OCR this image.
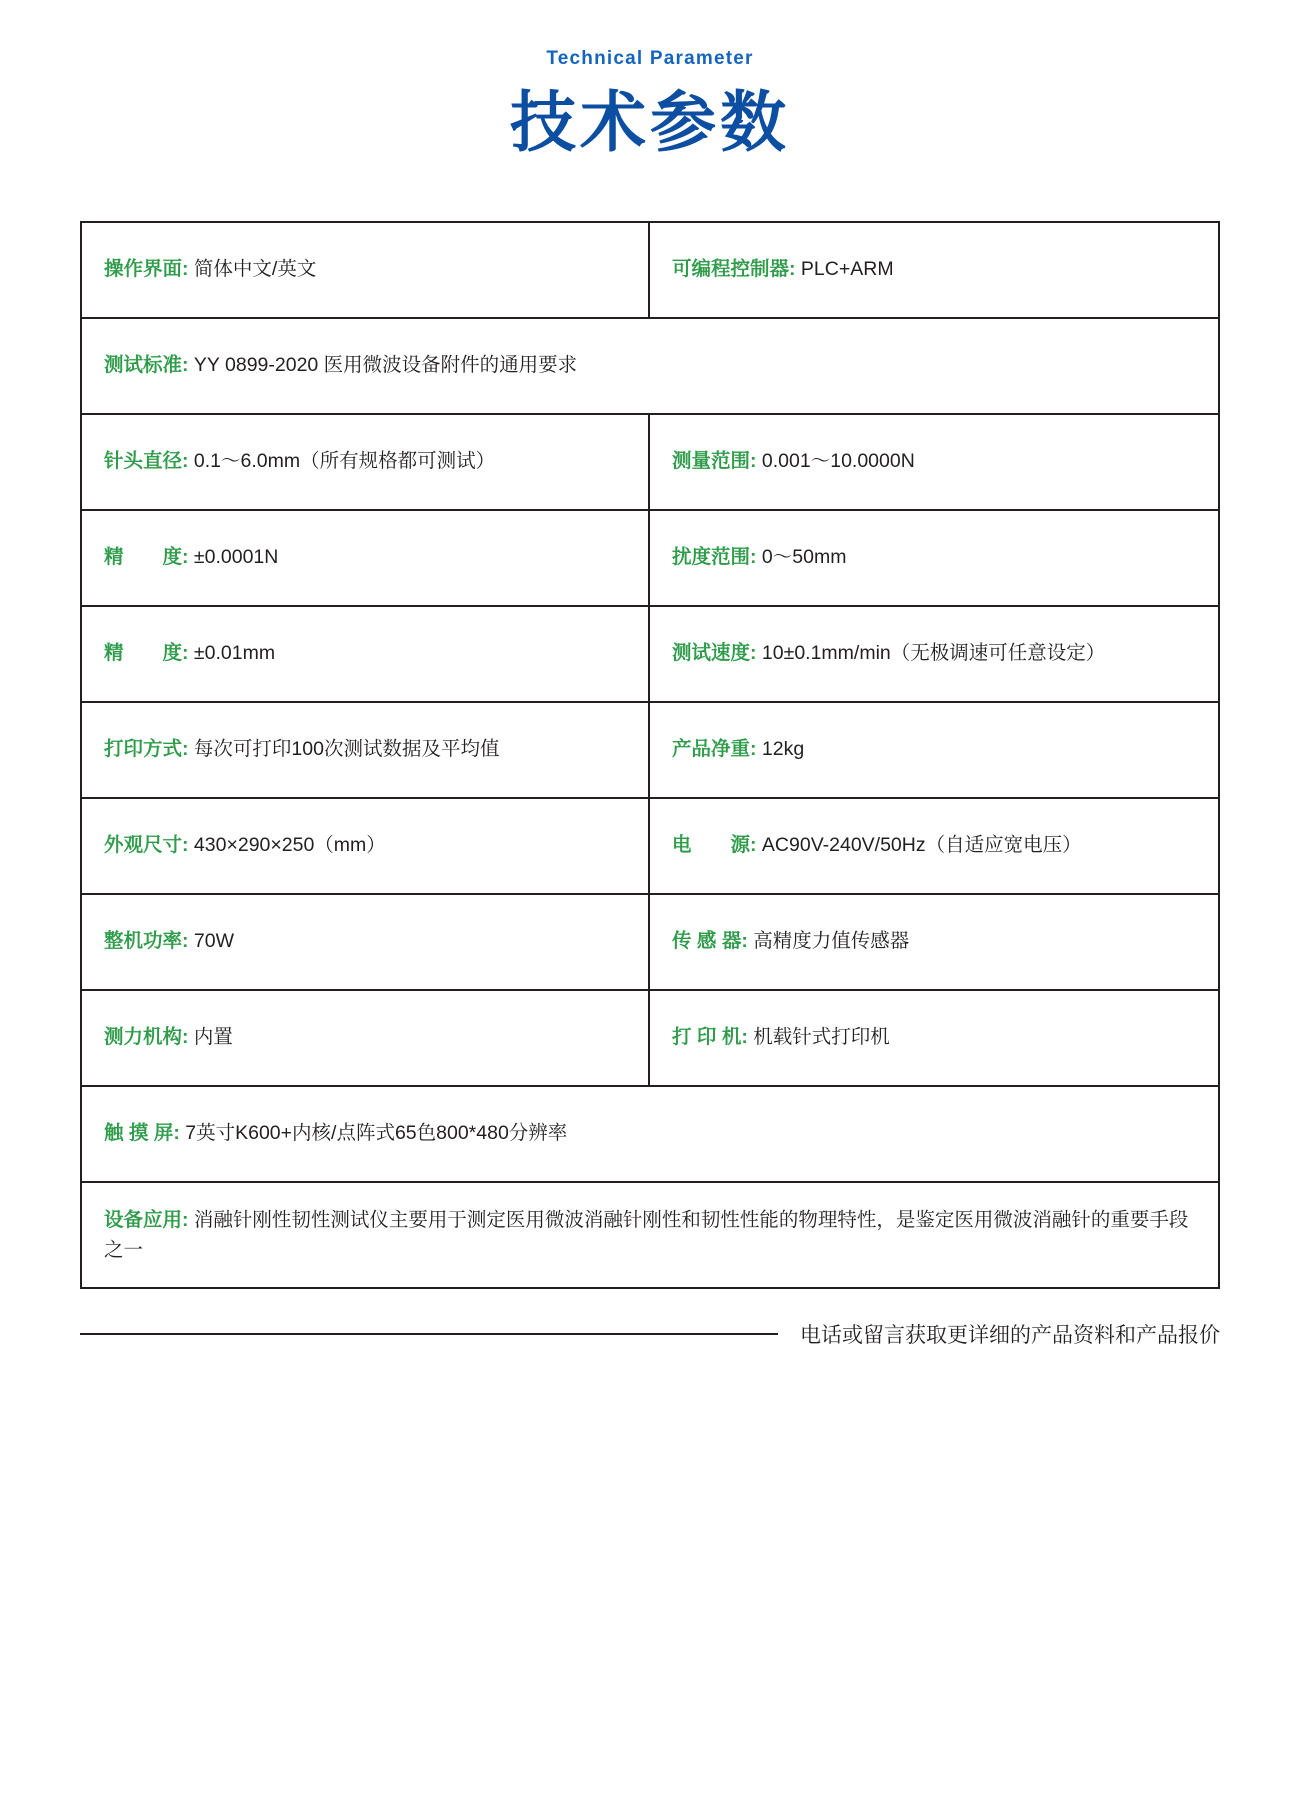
Technical Parameter

技术参数
操作界面: 简体中文/英文	可编程控制器: PLC+ARM
测试标准: YY 0899-2020 医用微波设备附件的通用要求
针头直径: 0.1～6.0mm（所有规格都可测试）	测量范围: 0.001～10.0000N
精　　度: ±0.0001N	扰度范围: 0～50mm
精　　度: ±0.01mm	测试速度: 10±0.1mm/min（无极调速可任意设定）
打印方式: 每次可打印100次测试数据及平均值	产品净重: 12kg
外观尺寸: 430×290×250（mm）	电　　源: AC90V-240V/50Hz（自适应宽电压）
整机功率: 70W	传 感 器: 高精度力值传感器
测力机构: 内置	打 印 机: 机载针式打印机
触 摸 屏: 7英寸K600+内核/点阵式65色800*480分辨率
设备应用: 消融针刚性韧性测试仪主要用于测定医用微波消融针刚性和韧性性能的物理特性，是鉴定医用微波消融针的重要手段之一
电话或留言获取更详细的产品资料和产品报价
